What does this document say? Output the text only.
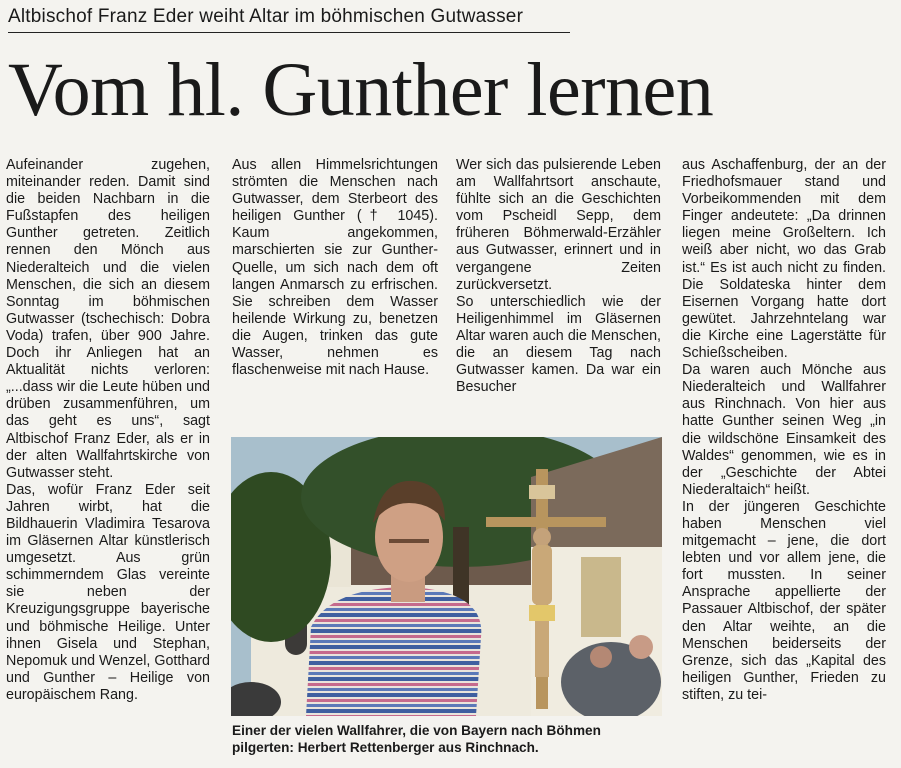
Altbischof Franz Eder weiht Altar im böhmischen Gutwasser
Vom hl. Gunther lernen

Aufeinander zugehen, miteinander reden. Damit sind die beiden Nachbarn in die Fußstapfen des heiligen Gunther getreten. Zeitlich rennen den Mönch aus Niederalteich und die vielen Menschen, die sich an diesem Sonntag im böhmischen Gutwasser (tschechisch: Dobra Voda) trafen, über 900 Jahre. Doch ihr Anliegen hat an Aktualität nichts verloren: „...dass wir die Leute hüben und drüben zusammenführen, um das geht es uns“, sagt Altbischof Franz Eder, als er in der alten Wallfahrtskirche von Gutwasser steht.

Das, wofür Franz Eder seit Jahren wirbt, hat die Bildhauerin Vladimira Tesarova im Gläsernen Altar künstlerisch umgesetzt. Aus grün schimmerndem Glas vereinte sie neben der Kreuzigungsgruppe bayerische und böhmische Heilige. Unter ihnen Gisela und Stephan, Nepomuk und Wenzel, Gotthard und Gunther – Heilige von europäischem Rang.

Aus allen Himmelsrichtungen strömten die Menschen nach Gutwasser, dem Sterbeort des heiligen Gunther († 1045). Kaum angekommen, marschierten sie zur Gunther-Quelle, um sich nach dem oft langen Anmarsch zu erfrischen. Sie schreiben dem Wasser heilende Wirkung zu, benetzen die Augen, trinken das gute Wasser, nehmen es flaschenweise mit nach Hause.

Wer sich das pulsierende Leben am Wallfahrtsort anschaute, fühlte sich an die Geschichten vom Pscheidl Sepp, dem früheren Böhmerwald-Erzähler aus Gutwasser, erinnert und in vergangene Zeiten zurückversetzt.

So unterschiedlich wie der Heiligenhimmel im Gläsernen Altar waren auch die Menschen, die an diesem Tag nach Gutwasser kamen. Da war ein Besucher

aus Aschaffenburg, der an der Friedhofsmauer stand und Vorbeikommenden mit dem Finger andeutete: „Da drinnen liegen meine Großeltern. Ich weiß aber nicht, wo das Grab ist.“ Es ist auch nicht zu finden. Die Soldateska hinter dem Eisernen Vorgang hatte dort gewütet. Jahrzehntelang war die Kirche eine Lagerstätte für Schießscheiben.

Da waren auch Mönche aus Niederalteich und Wallfahrer aus Rinchnach. Von hier aus hatte Gunther seinen Weg „in die wildschöne Einsamkeit des Waldes“ genommen, wie es in der „Geschichte der Abtei Niederaltaich“ heißt.

In der jüngeren Geschichte haben Menschen viel mitgemacht – jene, die dort lebten und vor allem jene, die fort mussten. In seiner Ansprache appellierte der Passauer Altbischof, der später den Altar weihte, an die Menschen beiderseits der Grenze, sich das „Kapital des heiligen Gunther, Frieden zu stiften, zu tei-

Einer der vielen Wallfahrer, die von Bayern nach Böhmen
pilgerten: Herbert Rettenberger aus Rinchnach.
